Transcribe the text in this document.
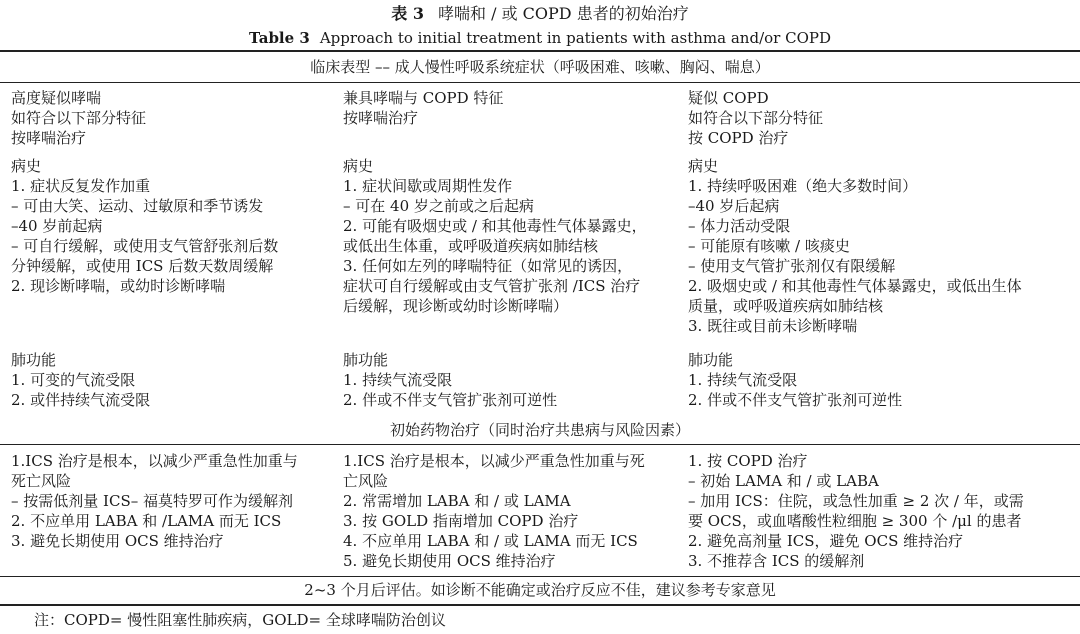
表 3 哮喘和 / 或 COPD 患者的初始治疗
Table 3 Approach to initial treatment in patients with asthma and/or COPD
临床表型 –– 成人慢性呼吸系统症状（呼吸困难、咳嗽、胸闷、喘息）
高度疑似哮喘
如符合以下部分特征
按哮喘治疗
病史
1. 症状反复发作加重
– 可由大笑、运动、过敏原和季节诱发
–40 岁前起病
– 可自行缓解，或使用支气管舒张剂后数
分钟缓解，或使用 ICS 后数天数周缓解
2. 现诊断哮喘，或幼时诊断哮喘
肺功能
1. 可变的气流受限
2. 或伴持续气流受限
兼具哮喘与 COPD 特征
按哮喘治疗
病史
1. 症状间歇或周期性发作
– 可在 40 岁之前或之后起病
2. 可能有吸烟史或 / 和其他毒性气体暴露史，
或低出生体重，或呼吸道疾病如肺结核
3. 任何如左列的哮喘特征（如常见的诱因，
症状可自行缓解或由支气管扩张剂 /ICS 治疗
后缓解，现诊断或幼时诊断哮喘）
肺功能
1. 持续气流受限
2. 伴或不伴支气管扩张剂可逆性
疑似 COPD
如符合以下部分特征
按 COPD 治疗
病史
1. 持续呼吸困难（绝大多数时间）
–40 岁后起病
– 体力活动受限
– 可能原有咳嗽 / 咳痰史
– 使用支气管扩张剂仅有限缓解
2. 吸烟史或 / 和其他毒性气体暴露史，或低出生体
质量，或呼吸道疾病如肺结核
3. 既往或目前未诊断哮喘
肺功能
1. 持续气流受限
2. 伴或不伴支气管扩张剂可逆性
初始药物治疗（同时治疗共患病与风险因素）
1.ICS 治疗是根本，以减少严重急性加重与
死亡风险
– 按需低剂量 ICS– 福莫特罗可作为缓解剂
2. 不应单用 LABA 和 /LAMA 而无 ICS
3. 避免长期使用 OCS 维持治疗
1.ICS 治疗是根本，以减少严重急性加重与死
亡风险
2. 常需增加 LABA 和 / 或 LAMA
3. 按 GOLD 指南增加 COPD 治疗
4. 不应单用 LABA 和 / 或 LAMA 而无 ICS
5. 避免长期使用 OCS 维持治疗
1. 按 COPD 治疗
– 初始 LAMA 和 / 或 LABA
– 加用 ICS：住院，或急性加重 ≥ 2 次 / 年，或需
要 OCS，或血嗜酸性粒细胞 ≥ 300 个 /μl 的患者
2. 避免高剂量 ICS，避免 OCS 维持治疗
3. 不推荐含 ICS 的缓解剂
2~3 个月后评估。如诊断不能确定或治疗反应不佳，建议参考专家意见
注：COPD= 慢性阻塞性肺疾病，GOLD= 全球哮喘防治创议
